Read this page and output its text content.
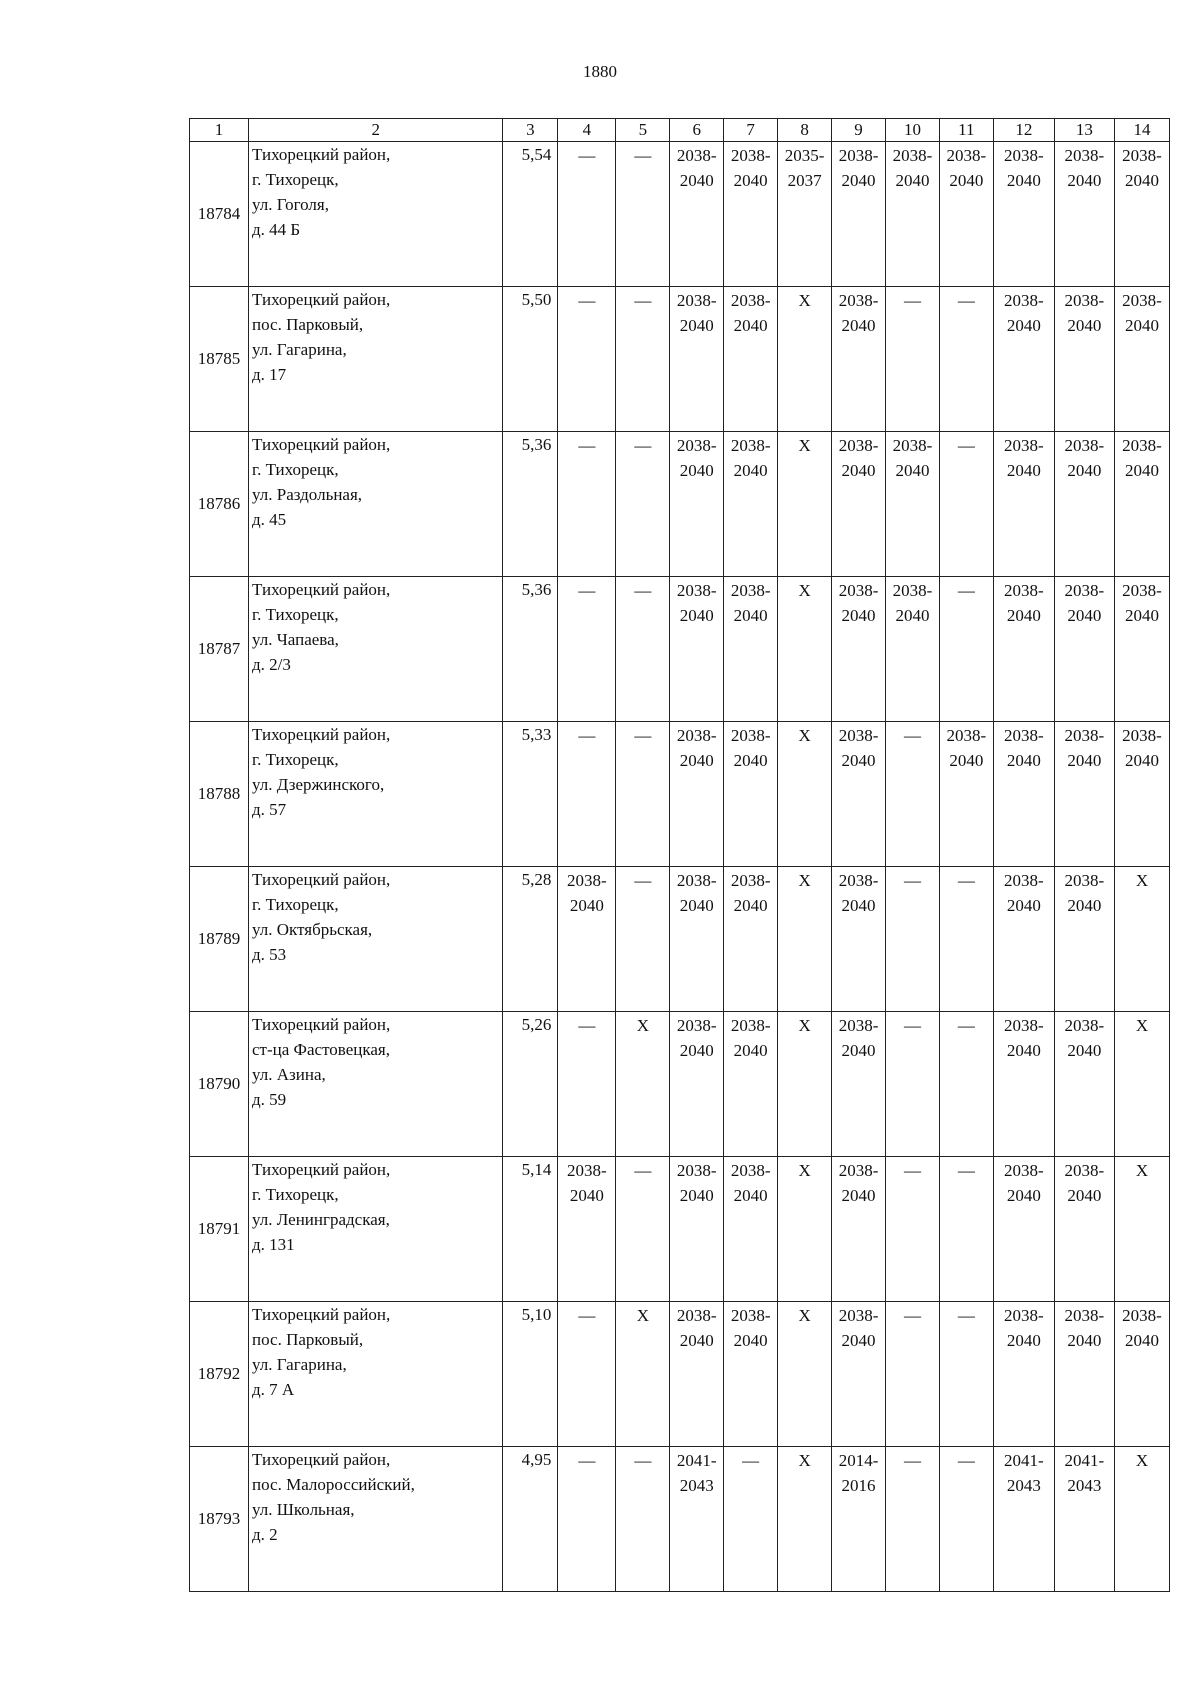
1880
1	2	3	4	5	6	7	8	9	10	11	12	13	14
18784	Тихорецкий район,
г. Тихорецк,
ул. Гоголя,
д. 44 Б	5,54	—	—	2038-
2040	2038-
2040	2035-
2037	2038-
2040	2038-
2040	2038-
2040	2038-
2040	2038-
2040	2038-
2040

18785	Тихорецкий район,
пос. Парковый,
ул. Гагарина,
д. 17	5,50	—	—	2038-
2040	2038-
2040	X	2038-
2040	—	—	2038-
2040	2038-
2040	2038-
2040

18786	Тихорецкий район,
г. Тихорецк,
ул. Раздольная,
д. 45	5,36	—	—	2038-
2040	2038-
2040	X	2038-
2040	2038-
2040	—	2038-
2040	2038-
2040	2038-
2040

18787	Тихорецкий район,
г. Тихорецк,
ул. Чапаева,
д. 2/3	5,36	—	—	2038-
2040	2038-
2040	X	2038-
2040	2038-
2040	—	2038-
2040	2038-
2040	2038-
2040

18788	Тихорецкий район,
г. Тихорецк,
ул. Дзержинского,
д. 57	5,33	—	—	2038-
2040	2038-
2040	X	2038-
2040	—	2038-
2040	2038-
2040	2038-
2040	2038-
2040

18789	Тихорецкий район,
г. Тихорецк,
ул. Октябрьская,
д. 53	5,28	2038-
2040	—	2038-
2040	2038-
2040	X	2038-
2040	—	—	2038-
2040	2038-
2040	X

18790	Тихорецкий район,
ст-ца Фастовецкая,
ул. Азина,
д. 59	5,26	—	X	2038-
2040	2038-
2040	X	2038-
2040	—	—	2038-
2040	2038-
2040	X

18791	Тихорецкий район,
г. Тихорецк,
ул. Ленинградская,
д. 131	5,14	2038-
2040	—	2038-
2040	2038-
2040	X	2038-
2040	—	—	2038-
2040	2038-
2040	X

18792	Тихорецкий район,
пос. Парковый,
ул. Гагарина,
д. 7 А	5,10	—	X	2038-
2040	2038-
2040	X	2038-
2040	—	—	2038-
2040	2038-
2040	2038-
2040

18793	Тихорецкий район,
пос. Малороссийский,
ул. Школьная,
д. 2	4,95	—	—	2041-
2043	—	X	2014-
2016	—	—	2041-
2043	2041-
2043	X
